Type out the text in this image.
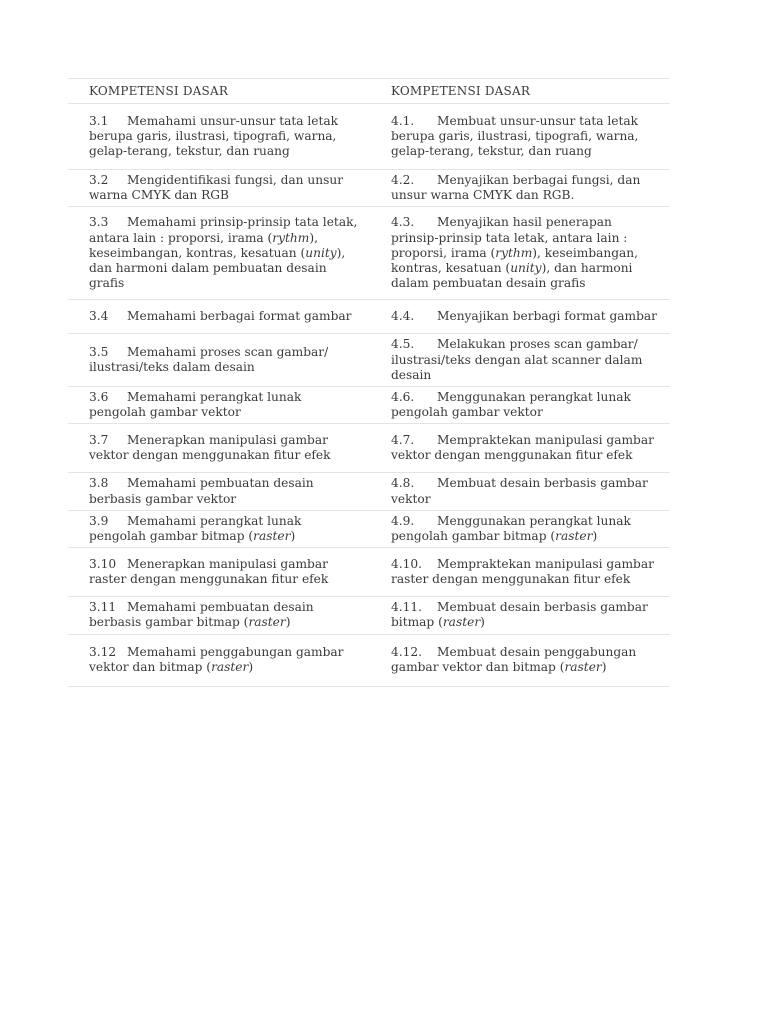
KOMPETENSI DASAR	KOMPETENSI DASAR
3.1 Memahami unsur-unsur tata letak berupa garis, ilustrasi, tipografi, warna, gelap-terang, tekstur, dan ruang	4.1. Membuat unsur-unsur tata letak berupa garis, ilustrasi, tipografi, warna, gelap-terang, tekstur, dan ruang
3.2 Mengidentifikasi fungsi, dan unsur warna CMYK dan RGB	4.2. Menyajikan berbagai fungsi, dan unsur warna CMYK dan RGB.
3.3 Memahami prinsip-prinsip tata letak, antara lain : proporsi, irama (rythm), keseimbangan, kontras, kesatuan (unity), dan harmoni dalam pembuatan desain grafis	4.3. Menyajikan hasil penerapan prinsip-prinsip tata letak, antara lain : proporsi, irama (rythm), keseimbangan, kontras, kesatuan (unity), dan harmoni dalam pembuatan desain grafis
3.4 Memahami berbagai format gambar	4.4. Menyajikan berbagi format gambar
3.5 Memahami proses scan gambar/ ilustrasi/teks dalam desain	4.5. Melakukan proses scan gambar/ ilustrasi/teks dengan alat scanner dalam desain
3.6 Memahami perangkat lunak pengolah gambar vektor	4.6. Menggunakan perangkat lunak pengolah gambar vektor
3.7 Menerapkan manipulasi gambar vektor dengan menggunakan fitur efek	4.7. Mempraktekan manipulasi gambar vektor dengan menggunakan fitur efek
3.8 Memahami pembuatan desain berbasis gambar vektor	4.8. Membuat desain berbasis gambar vektor
3.9 Memahami perangkat lunak pengolah gambar bitmap (raster)	4.9. Menggunakan perangkat lunak pengolah gambar bitmap (raster)
3.10 Menerapkan manipulasi gambar raster dengan menggunakan fitur efek	4.10. Mempraktekan manipulasi gambar raster dengan menggunakan fitur efek
3.11 Memahami pembuatan desain berbasis gambar bitmap (raster)	4.11. Membuat desain berbasis gambar bitmap (raster)
3.12 Memahami penggabungan gambar vektor dan bitmap (raster)	4.12. Membuat desain penggabungan gambar vektor dan bitmap (raster)
